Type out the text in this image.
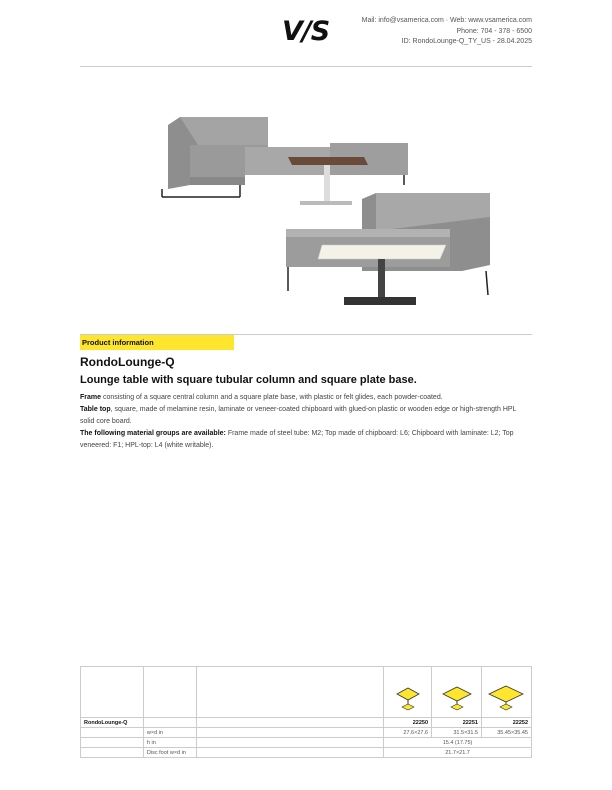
V/S	Mail: info@vsamerica.com · Web: www.vsamerica.com
Phone: 704 - 378 - 6500
ID: RondoLounge-Q_TY_US - 28.04.2025
Product information
RondoLounge-Q
Lounge table with square tubular column and square plate base.

Frame consisting of a square central column and a square plate base, with plastic or felt glides, each powder-coated.

Table top, square, made of melamine resin, laminate or veneer-coated chipboard with glued-on plastic or wooden edge or high-strength HPL solid core board.

The following material groups are available: Frame made of steel tube: M2; Top made of chipboard: L6; Chipboard with laminate: L2; Top veneered: F1; HPL-top: L4 (white writable).

RondoLounge-Q			22250	22251	22252
	w×d in		27.6×27.6	31.5×31.5	35.45×35.45
	h in		15.4 (17.75)		
	Disc foot w×d in		21.7×21.7		
